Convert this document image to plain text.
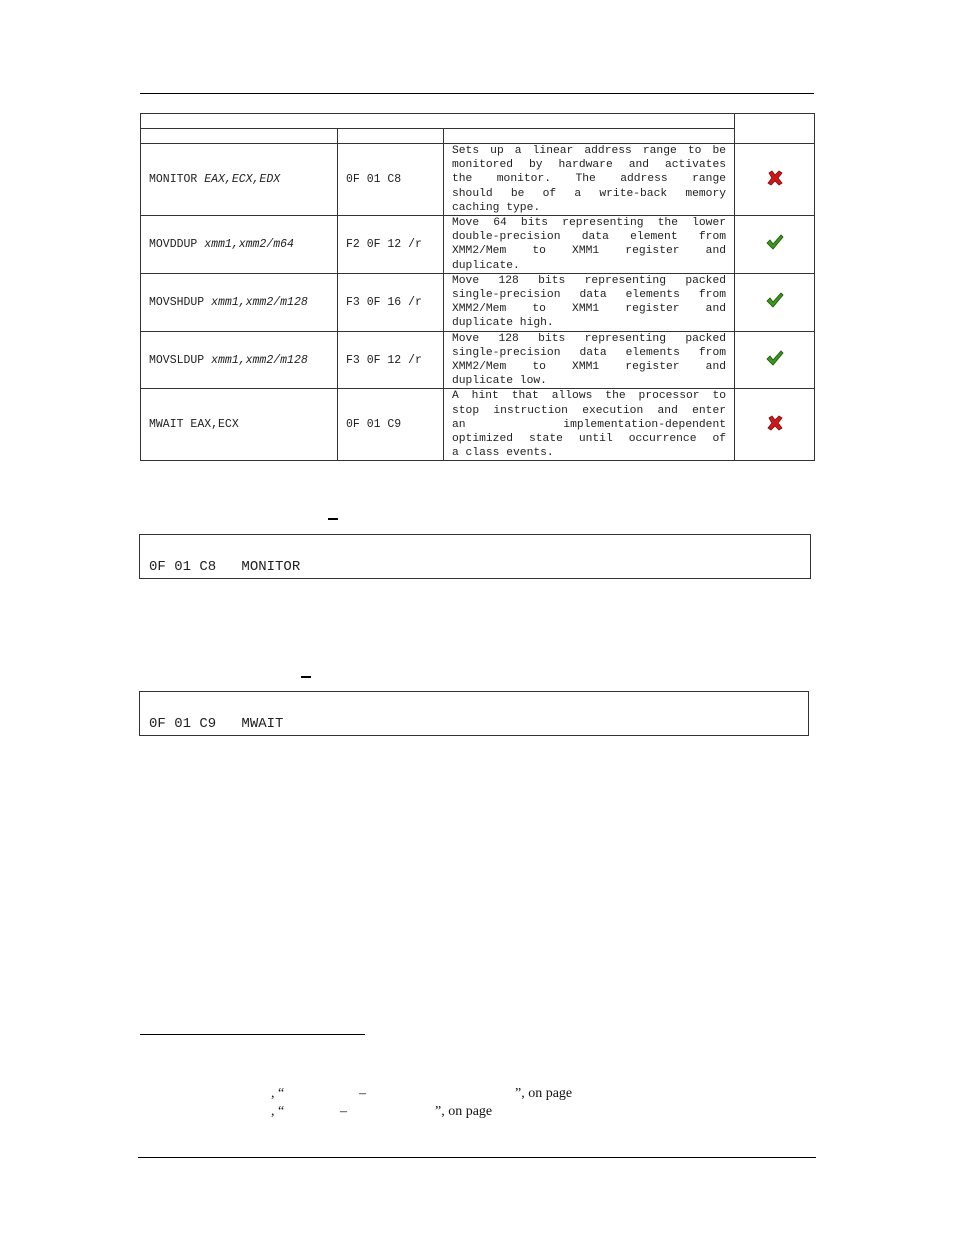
MONITOR EAX,ECX,EDX	0F 01 C8	Sets up a linear address range to be
monitored by hardware and activates
the monitor. The address range
should be of a write-back memory
caching type.

MOVDDUP xmm1,xmm2/m64	F2 0F 12 /r	Move 64 bits representing the lower
double-precision data element from
XMM2/Mem to XMM1 register and
duplicate.

MOVSHDUP xmm1,xmm2/m128	F3 0F 16 /r	Move 128 bits representing packed
single-precision data elements from
XMM2/Mem to XMM1 register and
duplicate high.

MOVSLDUP xmm1,xmm2/m128	F3 0F 12 /r	Move 128 bits representing packed
single-precision data elements from
XMM2/Mem to XMM1 register and
duplicate low.

MWAIT EAX,ECX	0F 01 C9	A hint that allows the processor to
stop instruction execution and enter
an implementation-dependent
optimized state until occurrence of
a class events.

0F 01 C8   MONITOR
0F 01 C9   MWAIT
, “	–	”, on page
, “	–	”, on page
